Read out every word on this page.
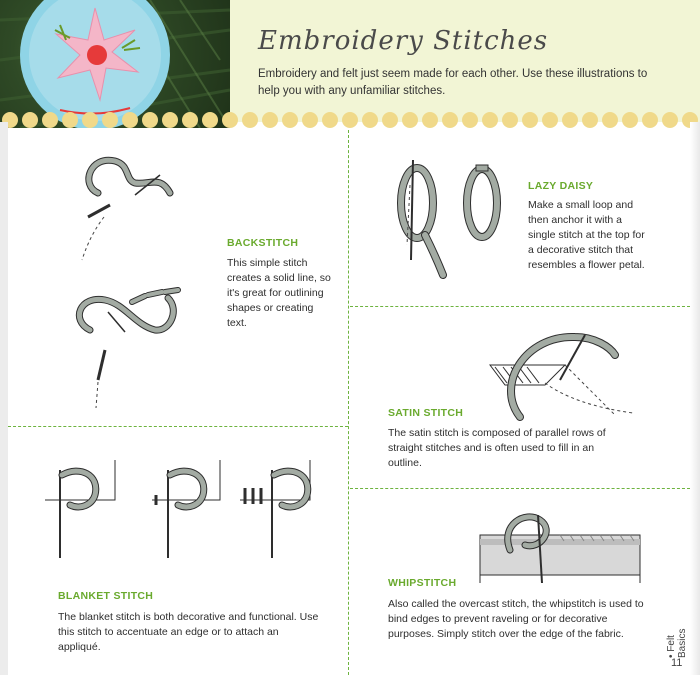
Embroidery Stitches
Embroidery and felt just seem made for each other. Use these illustrations to help you with any unfamiliar stitches.
BACKSTITCH
This simple stitch creates a solid line, so it's great for outlining shapes or creating text.
LAZY DAISY
Make a small loop and then anchor it with a single stitch at the top for a decorative stitch that resembles a flower petal.
SATIN STITCH
The satin stitch is composed of parallel rows of straight stitches and is often used to fill in an outline.
BLANKET STITCH
The blanket stitch is both decorative and functional. Use this stitch to accentuate an edge or to attach an appliqué.
WHIPSTITCH
Also called the overcast stitch, the whipstitch is used to bind edges to prevent raveling or for decorative purposes. Simply stitch over the edge of the fabric.
• Felt Basics
11
